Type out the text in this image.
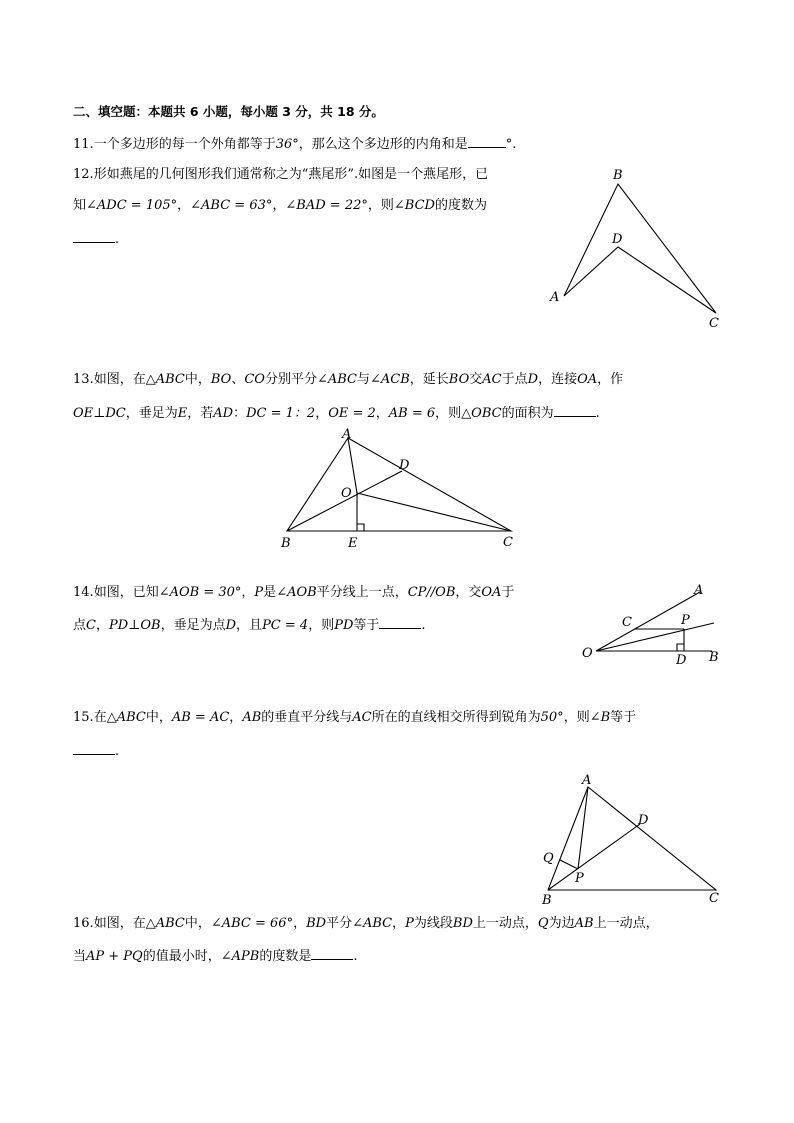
二、填空题：本题共 6 小题，每小题 3 分，共 18 分。
11.一个多边形的每一个外角都等于36°，那么这个多边形的内角和是	°.
12.形如燕尾的几何图形我们通常称之为“燕尾形”.如图是一个燕尾形，已
知∠ADC = 105°，∠ABC = 63°，∠BAD = 22°，则∠BCD的度数为
.
13.如图，在△ABC中，BO、CO分别平分∠ABC与∠ACB，延长BO交AC于点D，连接OA，作
OE⊥DC，垂足为E，若AD：DC = 1：2，OE = 2，AB = 6，则△OBC的面积为	.
14.如图，已知∠AOB = 30°，P是∠AOB平分线上一点，CP//OB，交OA于
点C，PD⊥OB，垂足为点D，且PC = 4，则PD等于	.
15.在△ABC中，AB = AC，AB的垂直平分线与AC所在的直线相交所得到锐角为50°，则∠B等于
.
16.如图，在△ABC中，∠ABC = 66°，BD平分∠ABC，P为线段BD上一动点，Q为边AB上一动点，
当AP + PQ的值最小时，∠APB的度数是	.
B
D
A
C
A
D
O
B	E	C
A
C	P
O	D B
A
D
Q
P
B	C
